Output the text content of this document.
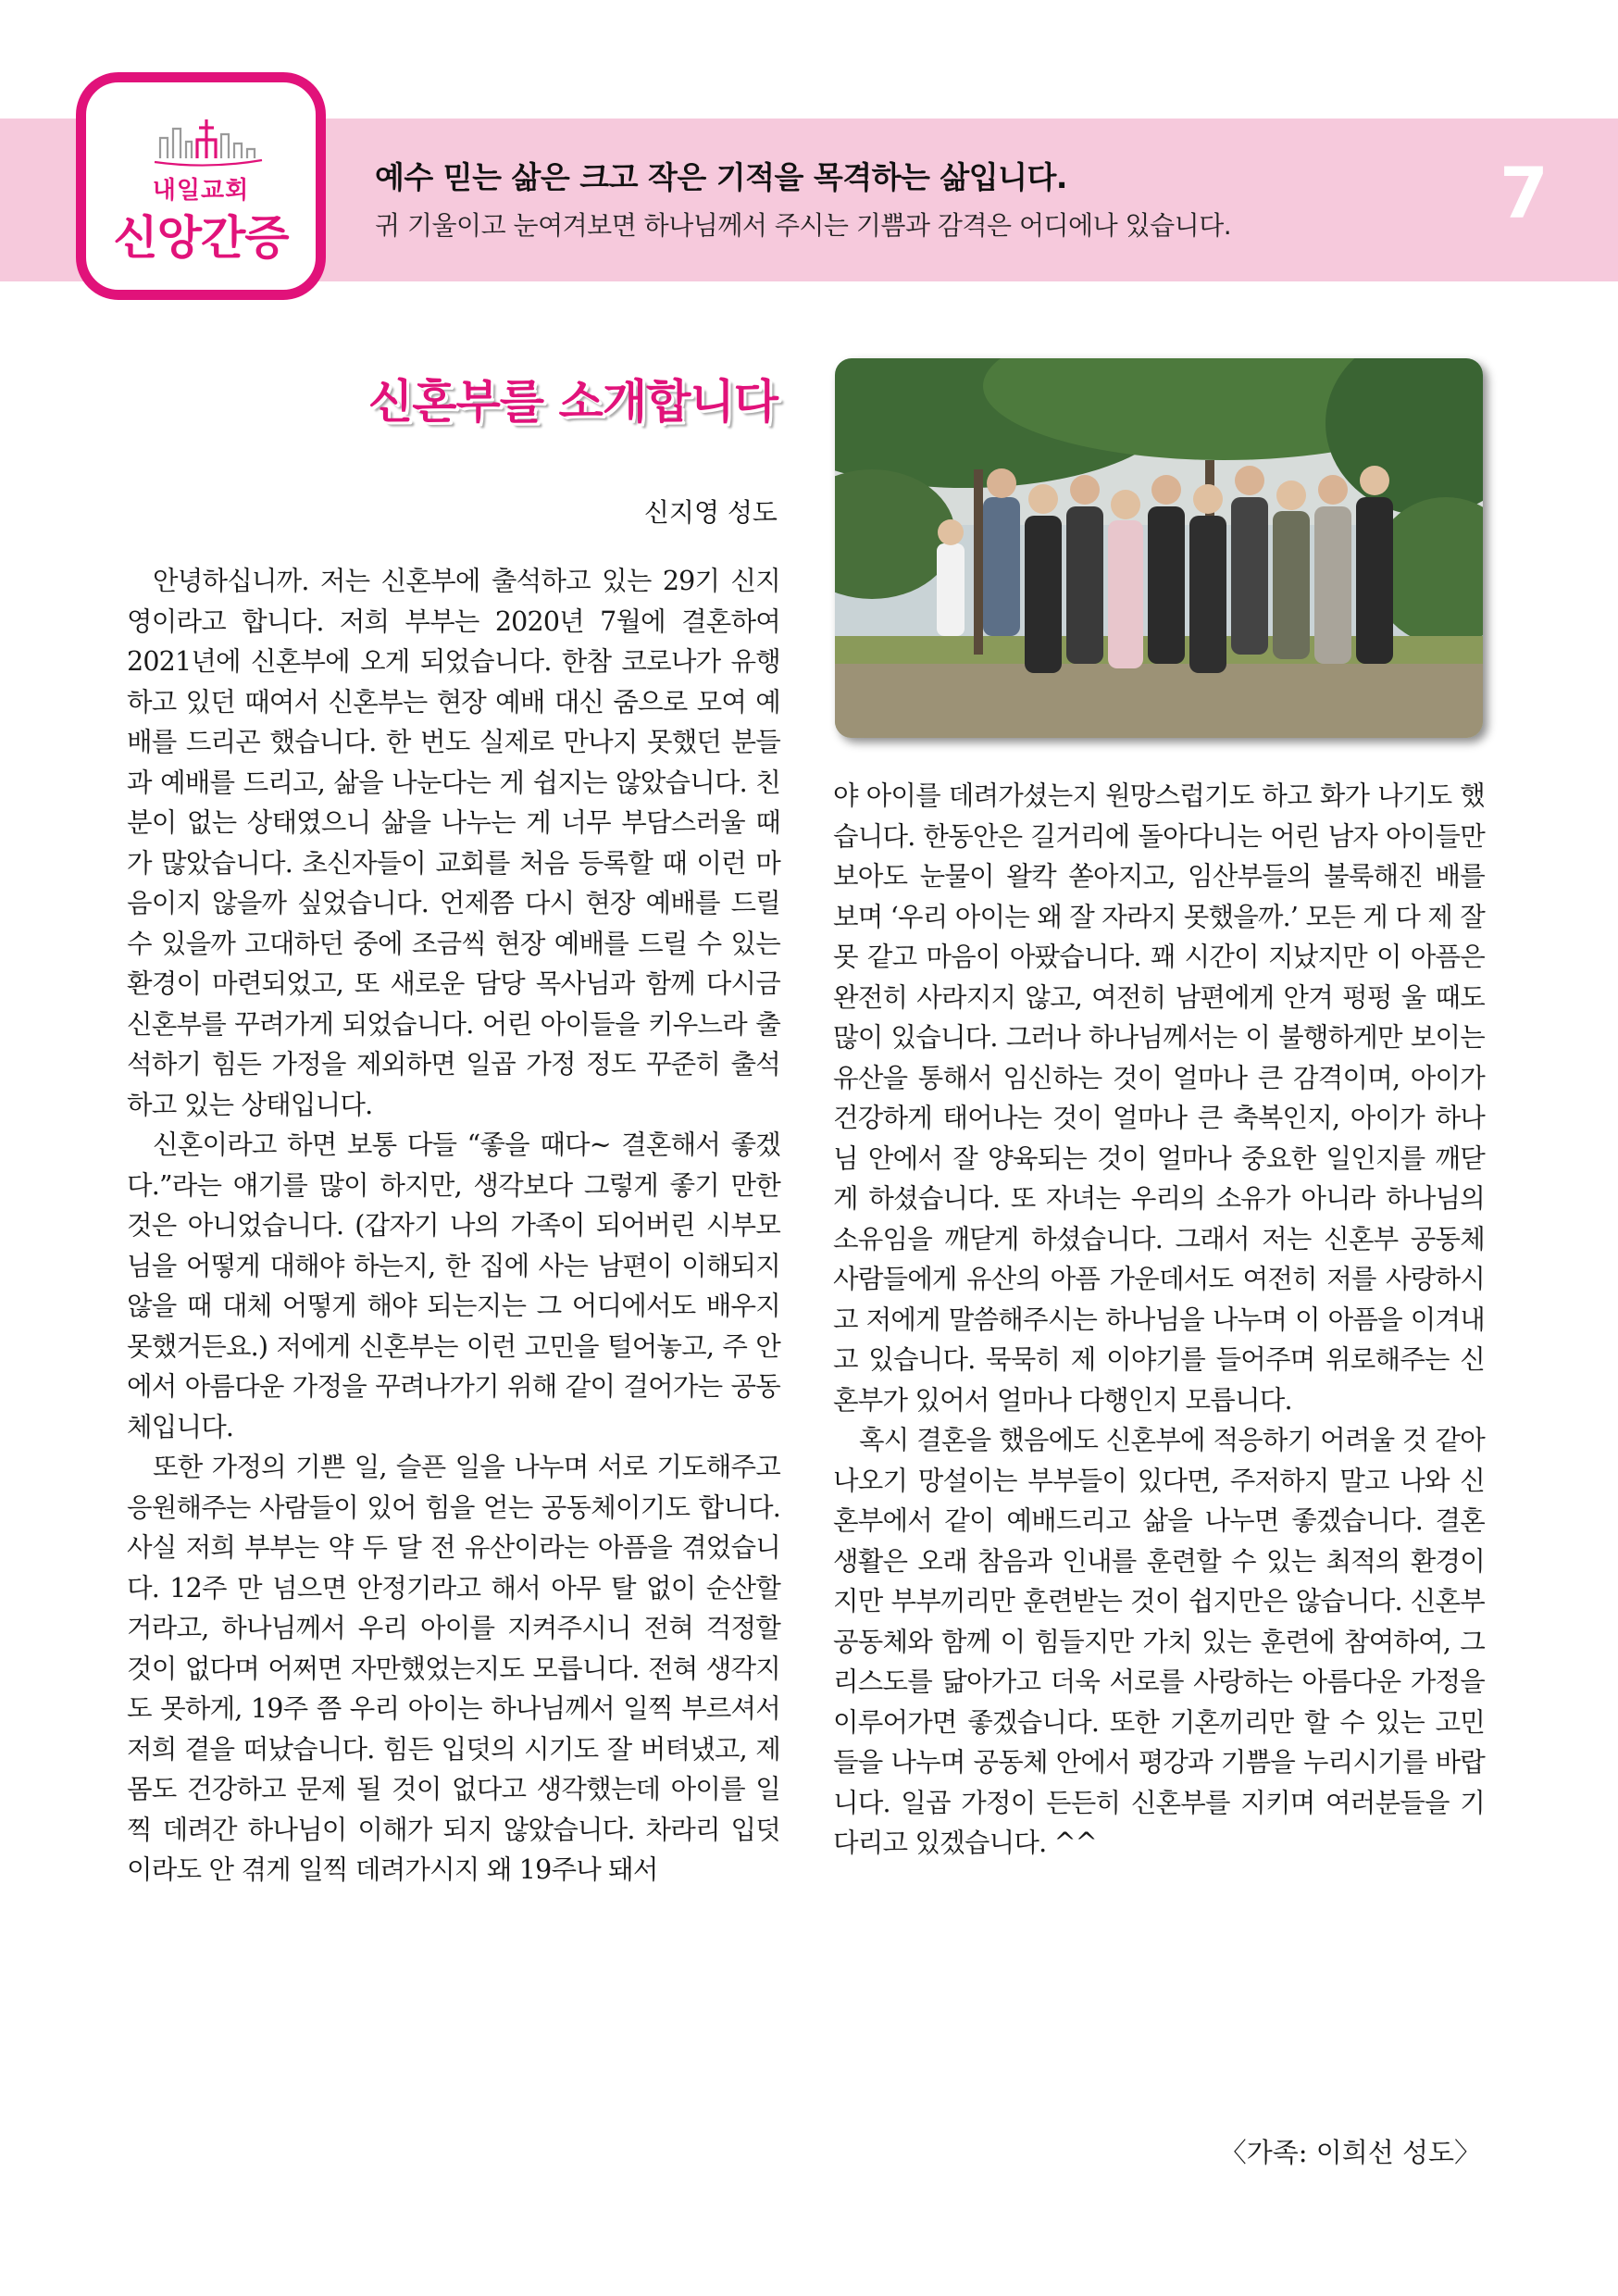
내일교회
신앙간증
예수 믿는 삶은 크고 작은 기적을 목격하는 삶입니다.
귀 기울이고 눈여겨보면 하나님께서 주시는 기쁨과 감격은 어디에나 있습니다.	7
신혼부를 소개합니다
신지영 성도

안녕하십니까. 저는 신혼부에 출석하고 있는 29기 신지영이라고 합니다. 저희 부부는 2020년 7월에 결혼하여 2021년에 신혼부에 오게 되었습니다. 한참 코로나가 유행하고 있던 때여서 신혼부는 현장 예배 대신 줌으로 모여 예배를 드리곤 했습니다. 한 번도 실제로 만나지 못했던 분들과 예배를 드리고, 삶을 나눈다는 게 쉽지는 않았습니다. 친분이 없는 상태였으니 삶을 나누는 게 너무 부담스러울 때가 많았습니다. 초신자들이 교회를 처음 등록할 때 이런 마음이지 않을까 싶었습니다. 언제쯤 다시 현장 예배를 드릴 수 있을까 고대하던 중에 조금씩 현장 예배를 드릴 수 있는 환경이 마련되었고, 또 새로운 담당 목사님과 함께 다시금 신혼부를 꾸려가게 되었습니다. 어린 아이들을 키우느라 출석하기 힘든 가정을 제외하면 일곱 가정 정도 꾸준히 출석하고 있는 상태입니다.

신혼이라고 하면 보통 다들 “좋을 때다~ 결혼해서 좋겠다.”라는 얘기를 많이 하지만, 생각보다 그렇게 좋기 만한 것은 아니었습니다. (갑자기 나의 가족이 되어버린 시부모님을 어떻게 대해야 하는지, 한 집에 사는 남편이 이해되지 않을 때 대체 어떻게 해야 되는지는 그 어디에서도 배우지 못했거든요.) 저에게 신혼부는 이런 고민을 털어놓고, 주 안에서 아름다운 가정을 꾸려나가기 위해 같이 걸어가는 공동체입니다.

또한 가정의 기쁜 일, 슬픈 일을 나누며 서로 기도해주고 응원해주는 사람들이 있어 힘을 얻는 공동체이기도 합니다. 사실 저희 부부는 약 두 달 전 유산이라는 아픔을 겪었습니다. 12주 만 넘으면 안정기라고 해서 아무 탈 없이 순산할 거라고, 하나님께서 우리 아이를 지켜주시니 전혀 걱정할 것이 없다며 어쩌면 자만했었는지도 모릅니다. 전혀 생각지도 못하게, 19주 쯤 우리 아이는 하나님께서 일찍 부르셔서 저희 곁을 떠났습니다. 힘든 입덧의 시기도 잘 버텨냈고, 제 몸도 건강하고 문제 될 것이 없다고 생각했는데 아이를 일찍 데려간 하나님이 이해가 되지 않았습니다. 차라리 입덧이라도 안 겪게 일찍 데려가시지 왜 19주나 돼서

야 아이를 데려가셨는지 원망스럽기도 하고 화가 나기도 했습니다. 한동안은 길거리에 돌아다니는 어린 남자 아이들만 보아도 눈물이 왈칵 쏟아지고, 임산부들의 불룩해진 배를 보며 ‘우리 아이는 왜 잘 자라지 못했을까.’ 모든 게 다 제 잘못 같고 마음이 아팠습니다. 꽤 시간이 지났지만 이 아픔은 완전히 사라지지 않고, 여전히 남편에게 안겨 펑펑 울 때도 많이 있습니다. 그러나 하나님께서는 이 불행하게만 보이는 유산을 통해서 임신하는 것이 얼마나 큰 감격이며, 아이가 건강하게 태어나는 것이 얼마나 큰 축복인지, 아이가 하나님 안에서 잘 양육되는 것이 얼마나 중요한 일인지를 깨닫게 하셨습니다. 또 자녀는 우리의 소유가 아니라 하나님의 소유임을 깨닫게 하셨습니다. 그래서 저는 신혼부 공동체 사람들에게 유산의 아픔 가운데서도 여전히 저를 사랑하시고 저에게 말씀해주시는 하나님을 나누며 이 아픔을 이겨내고 있습니다. 묵묵히 제 이야기를 들어주며 위로해주는 신혼부가 있어서 얼마나 다행인지 모릅니다.

혹시 결혼을 했음에도 신혼부에 적응하기 어려울 것 같아 나오기 망설이는 부부들이 있다면, 주저하지 말고 나와 신혼부에서 같이 예배드리고 삶을 나누면 좋겠습니다. 결혼 생활은 오래 참음과 인내를 훈련할 수 있는 최적의 환경이지만 부부끼리만 훈련받는 것이 쉽지만은 않습니다. 신혼부 공동체와 함께 이 힘들지만 가치 있는 훈련에 참여하여, 그리스도를 닮아가고 더욱 서로를 사랑하는 아름다운 가정을 이루어가면 좋겠습니다. 또한 기혼끼리만 할 수 있는 고민들을 나누며 공동체 안에서 평강과 기쁨을 누리시기를 바랍니다. 일곱 가정이 든든히 신혼부를 지키며 여러분들을 기다리고 있겠습니다. ^^

〈가족: 이희선 성도〉
